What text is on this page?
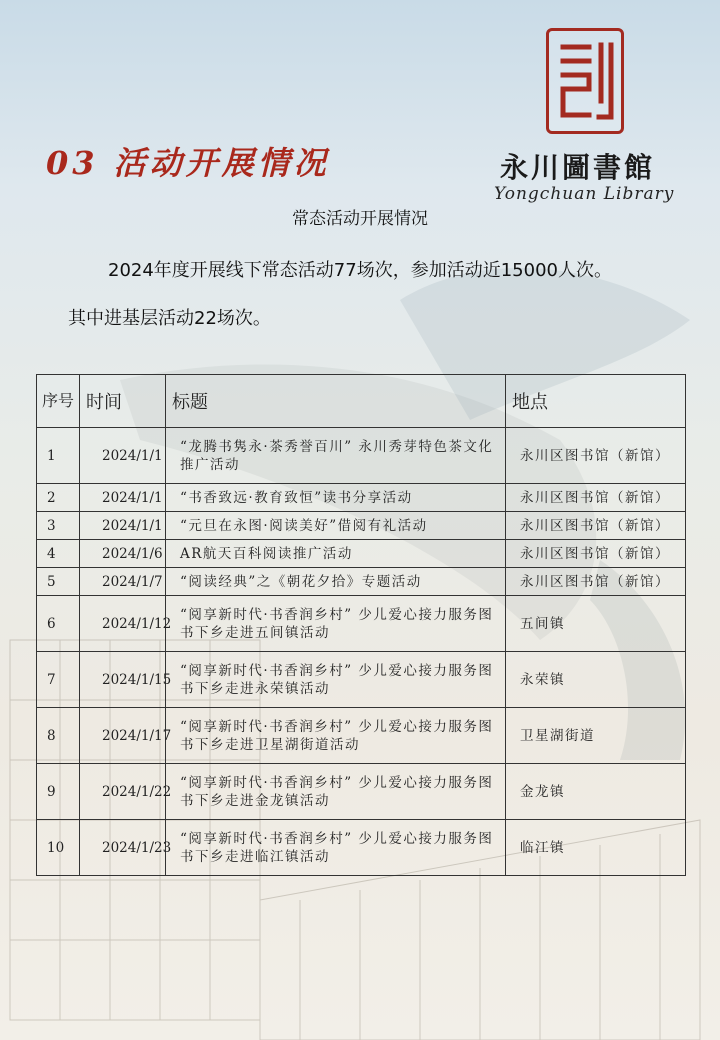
03 活动开展情况	永川圖書館

Yongchuan Library

常态活动开展情况

2024年度开展线下常态活动77场次，参加活动近15000人次。

其中进基层活动22场次。

序号	时间	标题	地点
1	2024/1/1	“龙腾书隽永·茶秀誉百川” 永川秀芽特色茶文化推广活动	永川区图书馆（新馆）
2	2024/1/1	“书香致远·教育致恒”读书分享活动	永川区图书馆（新馆）
3	2024/1/1	“元旦在永图·阅读美好”借阅有礼活动	永川区图书馆（新馆）
4	2024/1/6	AR航天百科阅读推广活动	永川区图书馆（新馆）
5	2024/1/7	“阅读经典”之《朝花夕拾》专题活动	永川区图书馆（新馆）
6	2024/1/12	“阅享新时代·书香润乡村” 少儿爱心接力服务图书下乡走进五间镇活动	五间镇
7	2024/1/15	“阅享新时代·书香润乡村” 少儿爱心接力服务图书下乡走进永荣镇活动	永荣镇
8	2024/1/17	“阅享新时代·书香润乡村” 少儿爱心接力服务图书下乡走进卫星湖街道活动	卫星湖街道
9	2024/1/22	“阅享新时代·书香润乡村” 少儿爱心接力服务图书下乡走进金龙镇活动	金龙镇
10	2024/1/23	“阅享新时代·书香润乡村” 少儿爱心接力服务图书下乡走进临江镇活动	临江镇
